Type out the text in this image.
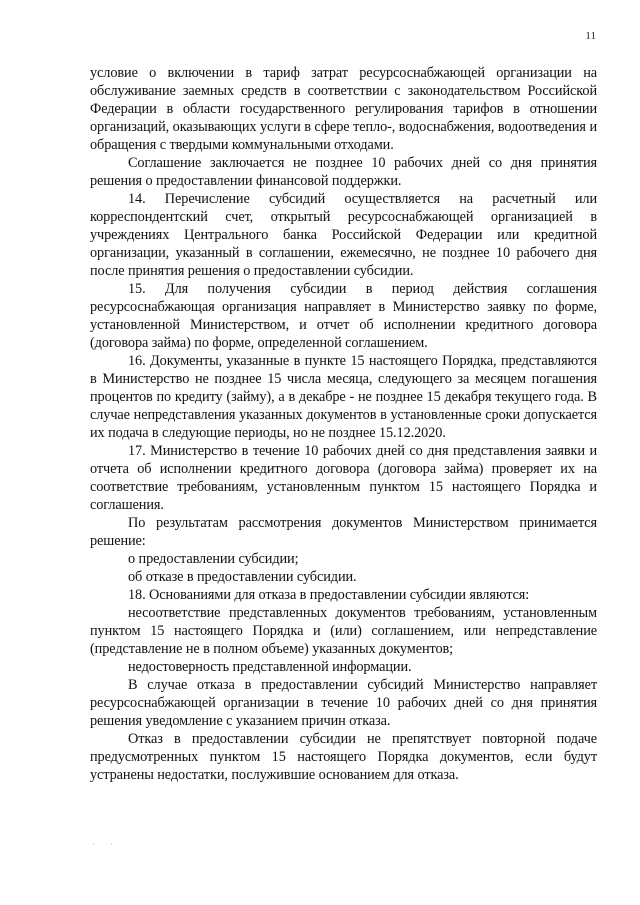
11

условие о включении в тариф затрат ресурсоснабжающей организации на обслуживание заемных средств в соответствии с законодательством Российской Федерации в области государственного регулирования тарифов в отношении организаций, оказывающих услуги в сфере тепло-, водоснабжения, водоотведения и обращения с твердыми коммунальными отходами.

Соглашение заключается не позднее 10 рабочих дней со дня принятия решения о предоставлении финансовой поддержки.

14. Перечисление субсидий осуществляется на расчетный или корреспондентский счет, открытый ресурсоснабжающей организацией в учреждениях Центрального банка Российской Федерации или кредитной организации, указанный в соглашении, ежемесячно, не позднее 10 рабочего дня после принятия решения о предоставлении субсидии.

15. Для получения субсидии в период действия соглашения ресурсоснабжающая организация направляет в Министерство заявку по форме, установленной Министерством, и отчет об исполнении кредитного договора (договора займа) по форме, определенной соглашением.

16. Документы, указанные в пункте 15 настоящего Порядка, представляются в Министерство не позднее 15 числа месяца, следующего за месяцем погашения процентов по кредиту (займу), а в декабре - не позднее 15 декабря текущего года. В случае непредставления указанных документов в установленные сроки допускается их подача в следующие периоды, но не позднее 15.12.2020.

17. Министерство в течение 10 рабочих дней со дня представления заявки и отчета об исполнении кредитного договора (договора займа) проверяет их на соответствие требованиям, установленным пунктом 15 настоящего Порядка и соглашения.

По результатам рассмотрения документов Министерством принимается решение:

о предоставлении субсидии;

об отказе в предоставлении субсидии.

18. Основаниями для отказа в предоставлении субсидии являются:

несоответствие представленных документов требованиям, установленным пунктом 15 настоящего Порядка и (или) соглашением, или непредставление (представление не в полном объеме) указанных документов;

недостоверность представленной информации.

В случае отказа в предоставлении субсидий Министерство направляет ресурсоснабжающей организации в течение 10 рабочих дней со дня принятия решения уведомление с указанием причин отказа.

Отказ в предоставлении субсидии не препятствует повторной подаче предусмотренных пунктом 15 настоящего Порядка документов, если будут устранены недостатки, послужившие основанием для отказа.

· ·
